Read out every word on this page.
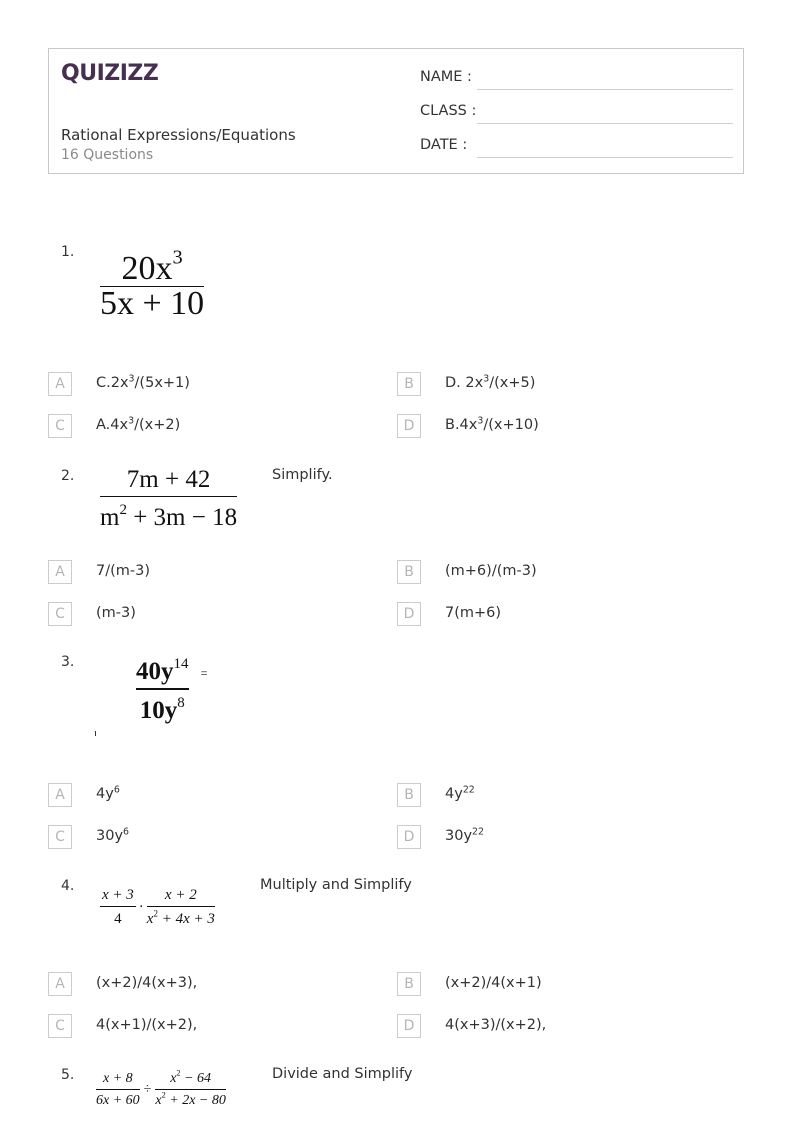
QUIZIZZ
Rational Expressions/Equations
16 Questions
NAME :
CLASS :
DATE :
1. $\frac{20x^3}{5x + 10}$
A	$C.2x^3/(5x+1)$	B	D. $2x^3/(x+5)$
C	$A.4x^3/(x+2)$	D	$B.4x^3/(x+10)$
2. $\frac{7m + 42}{m^2 + 3m - 18}$ Simplify.
A	7/(m-3)	B	(m+6)/(m-3)
C	(m-3)	D	7(m+6)
3. $\frac{40y^{14}}{10y^8}$ =
A	$4y^6$	B	$4y^{22}$
C	$30y^6$	D	$30y^{22}$
4.
$\frac{x + 3}{4} \cdot \frac{x + 2}{x^2 + 4x + 3}$
Multiply and Simplify
A	(x+2)/4(x+3),	B	(x+2)/4(x+1)
C	4(x+1)/(x+2),	D	4(x+3)/(x+2),
5. $\frac{x + 8}{6x + 60} \div \frac{x^2 - 64}{x^2 + 2x - 80}$	Divide and Simplify
